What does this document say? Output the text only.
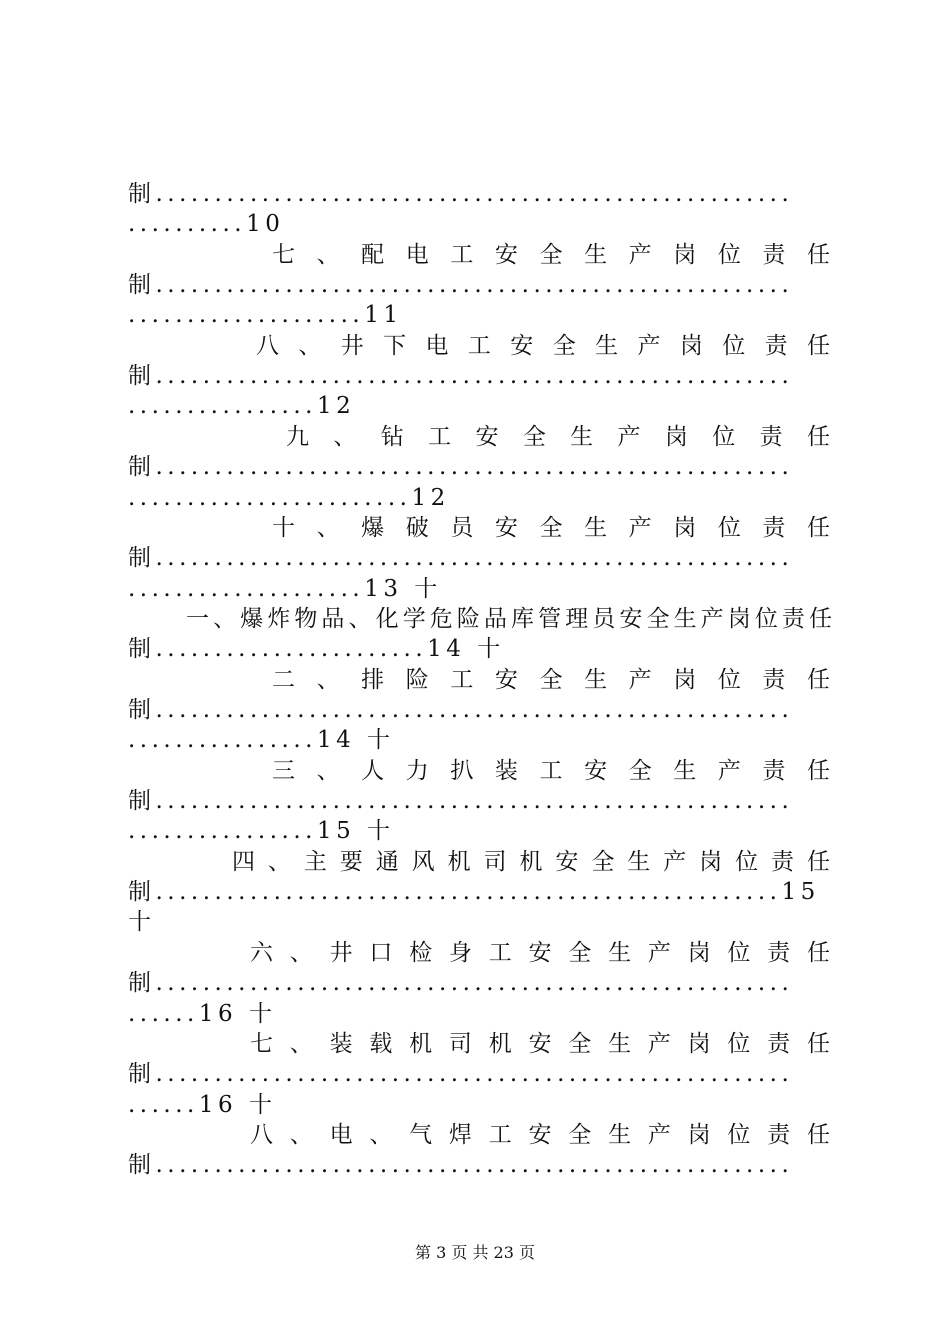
制......................................................
..........10
七 、 配 电 工 安 全 生 产 岗 位 责 任
制......................................................
....................11
八 、 井 下 电 工 安 全 生 产 岗 位 责 任
制......................................................
................12
九 、 钻 工 安 全 生 产 岗 位 责 任
制......................................................
........................12
十 、 爆 破 员 安 全 生 产 岗 位 责 任
制......................................................
....................13 十
一、爆炸物品、化学危险品库管理员安全生产岗位责任
制.......................14 十
二 、 排 险 工 安 全 生 产 岗 位 责 任
制......................................................
................14 十
三 、 人 力 扒 装 工 安 全 生 产 责 任
制......................................................
................15 十
四 、 主 要 通 风 机 司 机 安 全 生 产 岗 位 责 任
制.....................................................15
十
六 、 井 口 检 身 工 安 全 生 产 岗 位 责 任
制......................................................
......16 十
七 、 装 载 机 司 机 安 全 生 产 岗 位 责 任
制......................................................
......16 十
八 、 电 、 气 焊 工 安 全 生 产 岗 位 责 任
制......................................................
第 3 页 共 23 页
